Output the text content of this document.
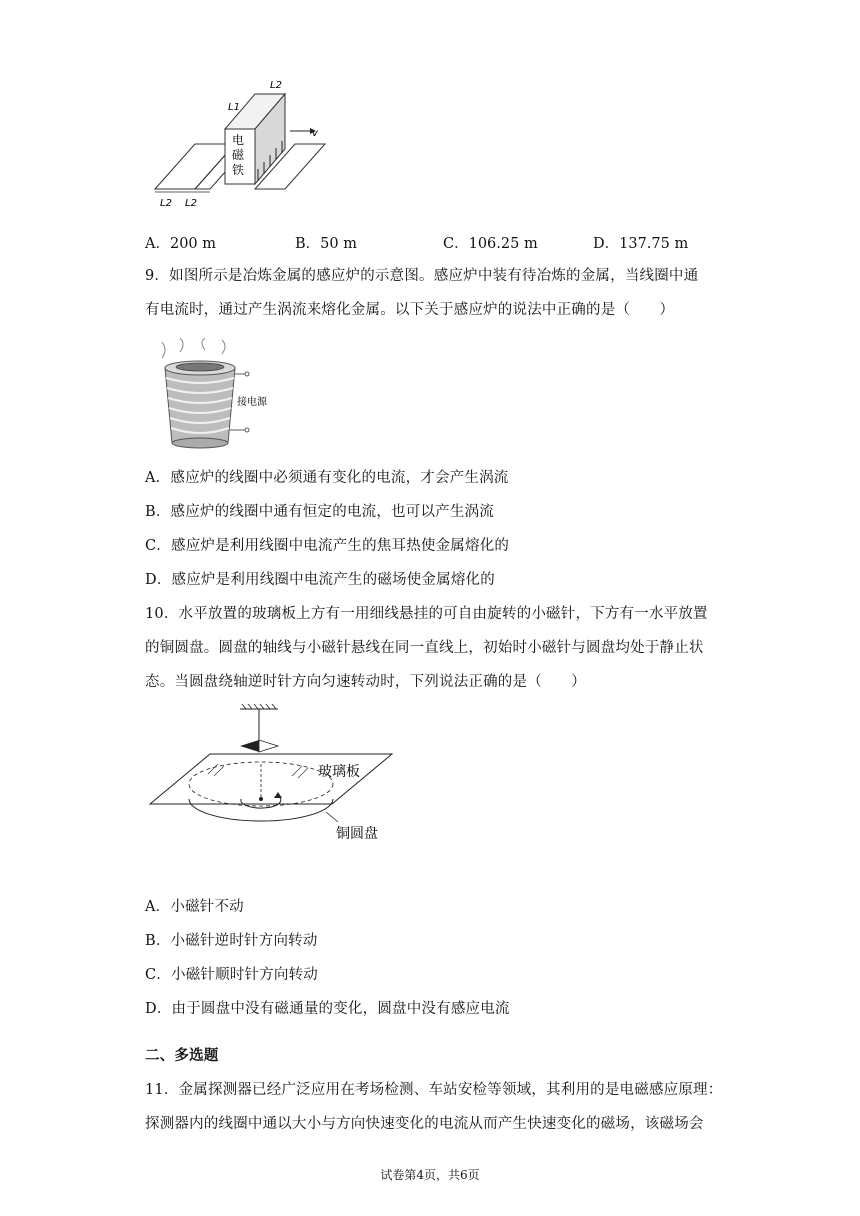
v
L1
L2
电
磁
铁
L2 L2
A．200 m	B．50 m	C．106.25 m	D．137.75 m
9．如图所示是冶炼金属的感应炉的示意图。感应炉中装有待冶炼的金属，当线圈中通
有电流时，通过产生涡流来熔化金属。以下关于感应炉的说法中正确的是（　　）
接电源
A．感应炉的线圈中必须通有变化的电流，才会产生涡流
B．感应炉的线圈中通有恒定的电流，也可以产生涡流
C．感应炉是利用线圈中电流产生的焦耳热使金属熔化的
D．感应炉是利用线圈中电流产生的磁场使金属熔化的
10．水平放置的玻璃板上方有一用细线悬挂的可自由旋转的小磁针，下方有一水平放置
的铜圆盘。圆盘的轴线与小磁针悬线在同一直线上，初始时小磁针与圆盘均处于静止状
态。当圆盘绕轴逆时针方向匀速转动时，下列说法正确的是（　　）
玻璃板
铜圆盘
A．小磁针不动
B．小磁针逆时针方向转动
C．小磁针顺时针方向转动
D．由于圆盘中没有磁通量的变化，圆盘中没有感应电流
二、多选题
11．金属探测器已经广泛应用在考场检测、车站安检等领域，其利用的是电磁感应原理：
探测器内的线圈中通以大小与方向快速变化的电流从而产生快速变化的磁场，该磁场会
试卷第4页，共6页
